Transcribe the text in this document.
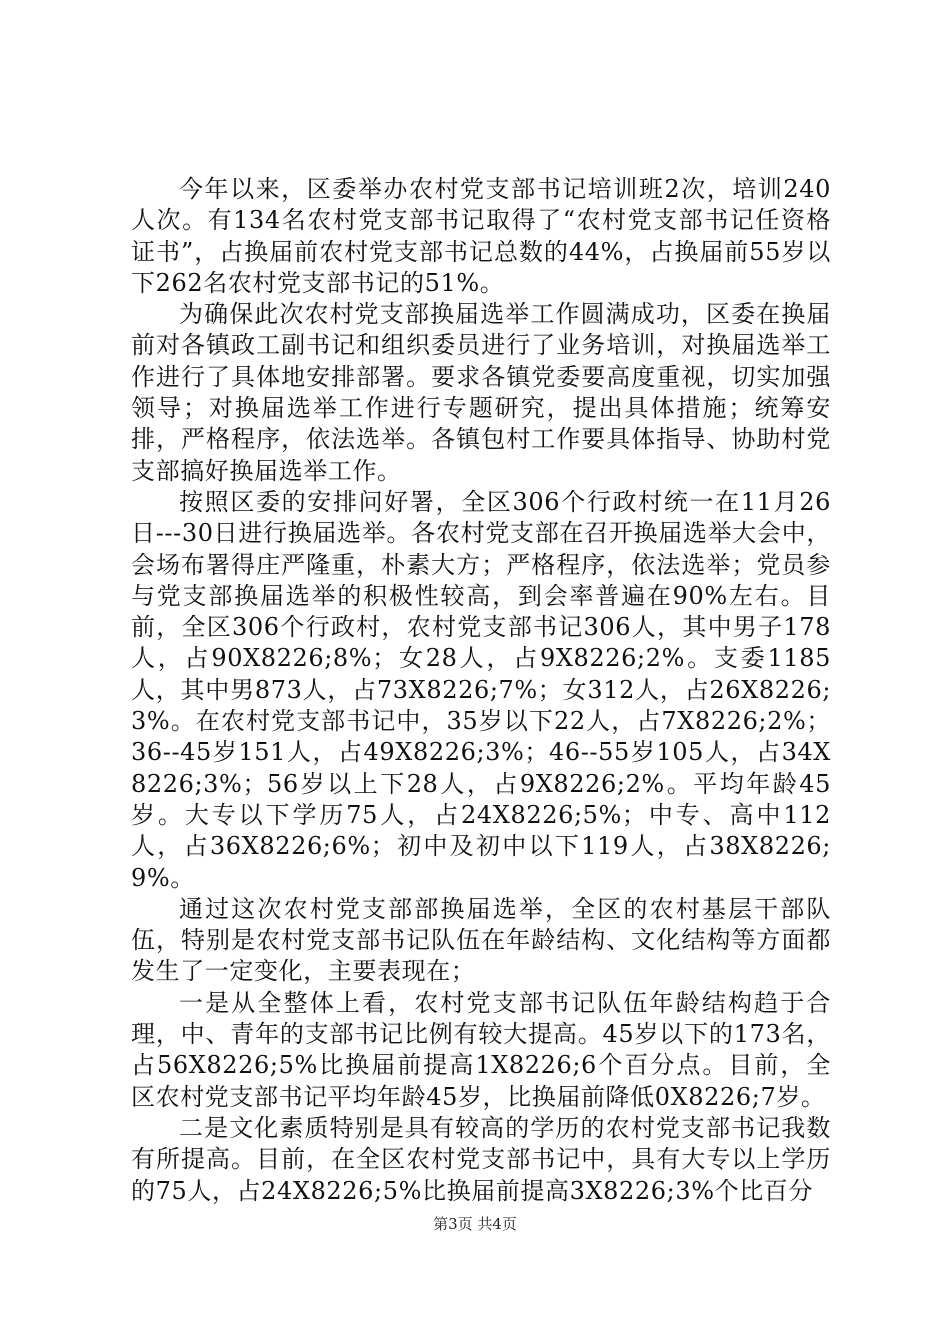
今年以来，区委举办农村党支部书记培训班2次，培训240人次。有134名农村党支部书记取得了“农村党支部书记任资格证书”，占换届前农村党支部书记总数的44%，占换届前55岁以下262名农村党支部书记的51%。

为确保此次农村党支部换届选举工作圆满成功，区委在换届前对各镇政工副书记和组织委员进行了业务培训，对换届选举工作进行了具体地安排部署。要求各镇党委要高度重视，切实加强领导；对换届选举工作进行专题研究，提出具体措施；统筹安排，严格程序，依法选举。各镇包村工作要具体指导、协助村党支部搞好换届选举工作。

按照区委的安排问好署，全区306个行政村统一在11月26日---30日进行换届选举。各农村党支部在召开换届选举大会中，会场布署得庄严隆重，朴素大方；严格程序，依法选举；党员参与党支部换届选举的积极性较高，到会率普遍在90%左右。目前，全区306个行政村，农村党支部书记306人，其中男子178人，占90X8226;8%；女28人，占9X8226;2%。支委1185人，其中男873人，占73X8226;7%；女312人，占26X8226;3%。在农村党支部书记中，35岁以下22人，占7X8226;2%；36--45岁151人，占49X8226;3%；46--55岁105人，占34X8226;3%；56岁以上下28人，占9X8226;2%。平均年龄45岁。大专以下学历75人，占24X8226;5%；中专、高中112人，占36X8226;6%；初中及初中以下119人，占38X8226;9%。

通过这次农村党支部部换届选举，全区的农村基层干部队伍，特别是农村党支部书记队伍在年龄结构、文化结构等方面都发生了一定变化，主要表现在；

一是从全整体上看，农村党支部书记队伍年龄结构趋于合理，中、青年的支部书记比例有较大提高。45岁以下的173名，占56X8226;5%比换届前提高1X8226;6个百分点。目前，全区农村党支部书记平均年龄45岁，比换届前降低0X8226;7岁。

二是文化素质特别是具有较高的学历的农村党支部书记我数有所提高。目前，在全区农村党支部书记中，具有大专以上学历的75人，占24X8226;5%比换届前提高3X8226;3%个比百分

第3页 共4页
